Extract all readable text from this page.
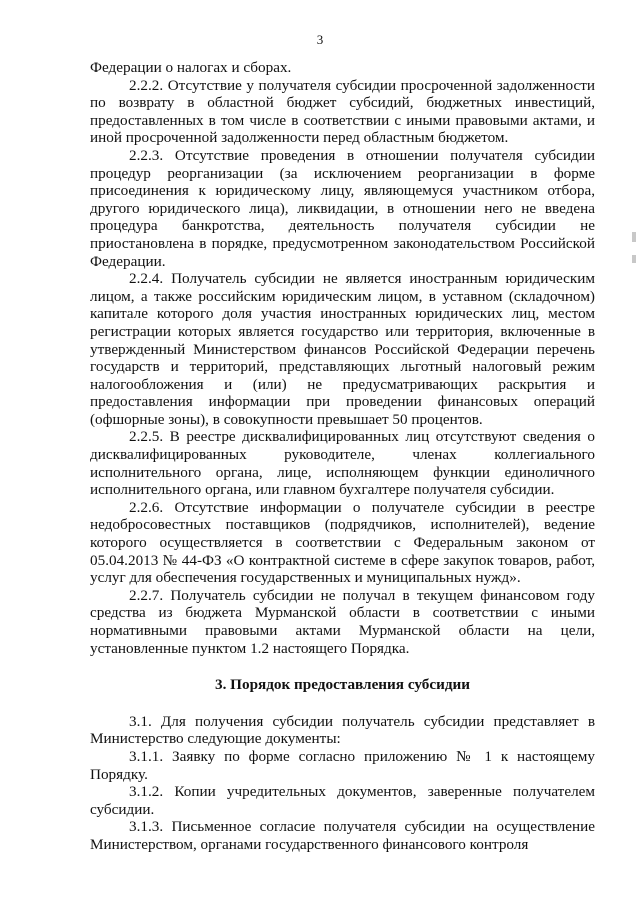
3

Федерации о налогах и сборах.

2.2.2. Отсутствие у получателя субсидии просроченной задолженности по возврату в областной бюджет субсидий, бюджетных инвестиций, предоставленных в том числе в соответствии с иными правовыми актами, и иной просроченной задолженности перед областным бюджетом.

2.2.3. Отсутствие проведения в отношении получателя субсидии процедур реорганизации (за исключением реорганизации в форме присоединения к юридическому лицу, являющемуся участником отбора, другого юридического лица), ликвидации, в отношении него не введена процедура банкротства, деятельность получателя субсидии не приостановлена в порядке, предусмотренном законодательством Российской Федерации.

2.2.4. Получатель субсидии не является иностранным юридическим лицом, а также российским юридическим лицом, в уставном (складочном) капитале которого доля участия иностранных юридических лиц, местом регистрации которых является государство или территория, включенные в утвержденный Министерством финансов Российской Федерации перечень государств и территорий, представляющих льготный налоговый режим налогообложения и (или) не предусматривающих раскрытия и предоставления информации при проведении финансовых операций (офшорные зоны), в совокупности превышает 50 процентов.

2.2.5. В реестре дисквалифицированных лиц отсутствуют сведения о дисквалифицированных руководителе, членах коллегиального исполнительного органа, лице, исполняющем функции единоличного исполнительного органа, или главном бухгалтере получателя субсидии.

2.2.6. Отсутствие информации о получателе субсидии в реестре недобросовестных поставщиков (подрядчиков, исполнителей), ведение которого осуществляется в соответствии с Федеральным законом от 05.04.2013 № 44-ФЗ «О контрактной системе в сфере закупок товаров, работ, услуг для обеспечения государственных и муниципальных нужд».

2.2.7. Получатель субсидии не получал в текущем финансовом году средства из бюджета Мурманской области в соответствии с иными нормативными правовыми актами Мурманской области на цели, установленные пунктом 1.2 настоящего Порядка.

3. Порядок предоставления субсидии

3.1. Для получения субсидии получатель субсидии представляет в Министерство следующие документы:

3.1.1. Заявку по форме согласно приложению № 1 к настоящему Порядку.

3.1.2. Копии учредительных документов, заверенные получателем субсидии.

3.1.3. Письменное согласие получателя субсидии на осуществление Министерством, органами государственного финансового контроля
